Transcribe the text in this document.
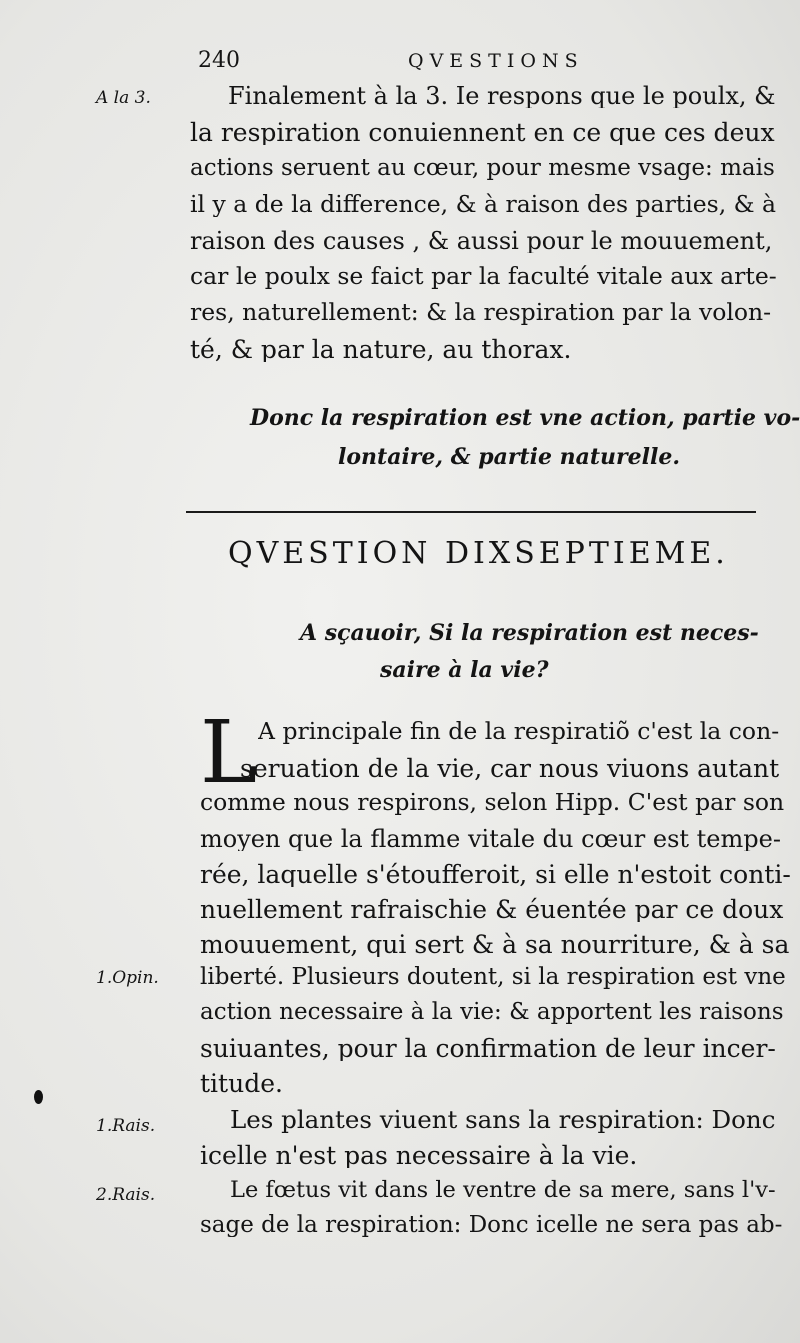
240	QVESTIONS
A la 3.
1.Opin.
1.Rais.
2.Rais.
Finalement à la 3. Ie respons que le poulx, &
la respiration conuiennent en ce que ces deux
actions seruent au cœur, pour mesme vsage: mais
il y a de la difference, & à raison des parties, & à
raison des causes , & aussi pour le mouuement,
car le poulx se faict par la faculté vitale aux arte-
res, naturellement: & la respiration par la volon-
té, & par la nature, au thorax.
Donc la respiration est vne action, partie vo-
lontaire, & partie naturelle.
QVESTION DIXSEPTIEME.
A sçauoir, Si la respiration est neces-
saire à la vie?
L A principale fin de la respiratiõ c'est la con-
seruation de la vie, car nous viuons autant
comme nous respirons, selon Hipp. C'est par son
moyen que la flamme vitale du cœur est tempe-
rée, laquelle s'étoufferoit, si elle n'estoit conti-
nuellement rafraischie & éuentée par ce doux
mouuement, qui sert & à sa nourriture, & à sa
liberté. Plusieurs doutent, si la respiration est vne
action necessaire à la vie: & apportent les raisons
suiuantes, pour la confirmation de leur incer-
titude.
Les plantes viuent sans la respiration: Donc
icelle n'est pas necessaire à la vie.
Le fœtus vit dans le ventre de sa mere, sans l'v-
sage de la respiration: Donc icelle ne sera pas ab-
